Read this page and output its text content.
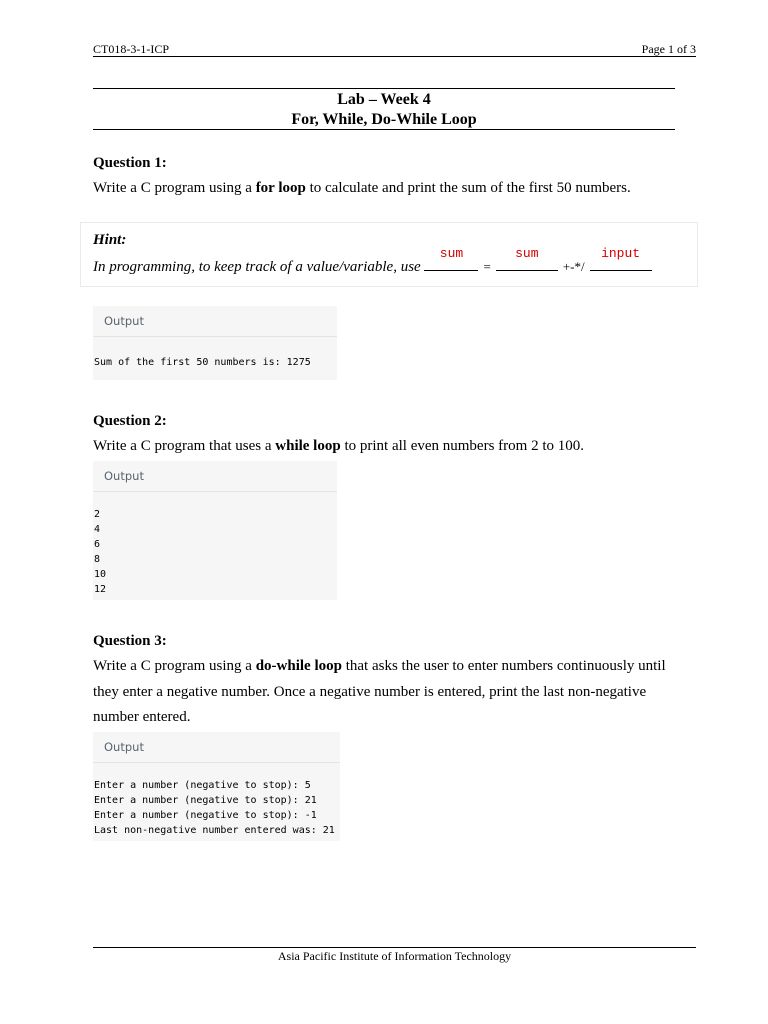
CT018-3-1-ICP	Page 1 of 3
Lab – Week 4
For, While, Do-While Loop
Question 1:
Write a C program using a for loop to calculate and print the sum of the first 50 numbers.
Hint:
In programming, to keep track of a value/variable, use
sum
=
sum
+-*/
input
Output
Sum of the first 50 numbers is: 1275
Question 2:
Write a C program that uses a while loop to print all even numbers from 2 to 100.
Output
2
4
6
8
10
12
Question 3:
Write a C program using a do-while loop that asks the user to enter numbers continuously until they enter a negative number. Once a negative number is entered, print the last non-negative number entered.
Output
Enter a number (negative to stop): 5
Enter a number (negative to stop): 21
Enter a number (negative to stop): -1
Last non-negative number entered was: 21
Asia Pacific Institute of Information Technology
